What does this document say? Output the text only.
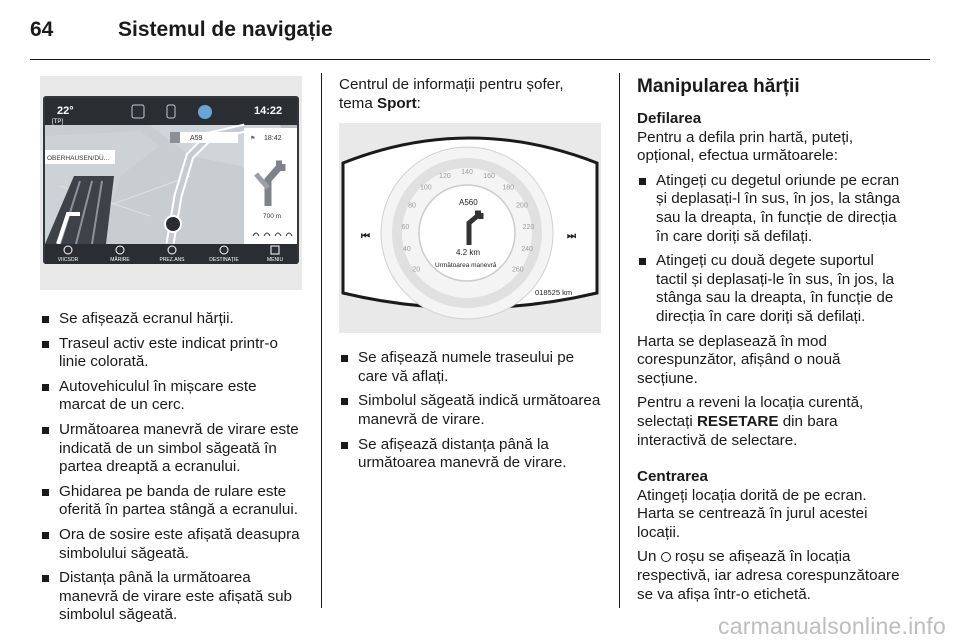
64	Sistemul de navigație
22°
[TP]
14:22
A59
OBERHAUSEN/DÜ...
⚑ 18:42
700 m
VIICSOR	MĂRIRE	PREZ.ANS	DESTINAȚIE	MENIU
Se afișează ecranul hărții.
Traseul activ este indicat printr-o linie colorată.
Autovehiculul în mișcare este marcat de un cerc.
Următoarea manevră de virare este indicată de un simbol săgeată în partea dreaptă a ecranului.
Ghidarea pe banda de rulare este oferită în partea stângă a ecranului.
Ora de sosire este afișată deasupra simbolului săgeată.
Distanța până la următoarea manevră de virare este afișată sub simbolul săgeată.
Centrul de informații pentru șofer, tema Sport:
20
40
60
80
100
120
140
160
180
200
220
240
260
A560
4.2 km
Următoarea manevră
018525 km
⏮	⏭
Se afișează numele traseului pe care vă aflați.
Simbolul săgeată indică următoarea manevră de virare.
Se afișează distanța până la următoarea manevră de virare.
Manipularea hărții
Defilarea
Pentru a defila prin hartă, puteți, opțional, efectua următoarele:
Atingeți cu degetul oriunde pe ecran și deplasați-l în sus, în jos, la stânga sau la dreapta, în funcție de direcția în care doriți să defilați.
Atingeți cu două degete suportul tactil și deplasați-le în sus, în jos, la stânga sau la dreapta, în funcție de direcția în care doriți să defilați.
Harta se deplasează în mod corespunzător, afișând o nouă secțiune.
Pentru a reveni la locația curentă, selectați RESETARE din bara interactivă de selectare.
Centrarea
Atingeți locația dorită de pe ecran. Harta se centrează în jurul acestei locații.
Un  roșu se afișează în locația respectivă, iar adresa corespunzătoare se va afișa într-o etichetă.
carmanualsonline.info
